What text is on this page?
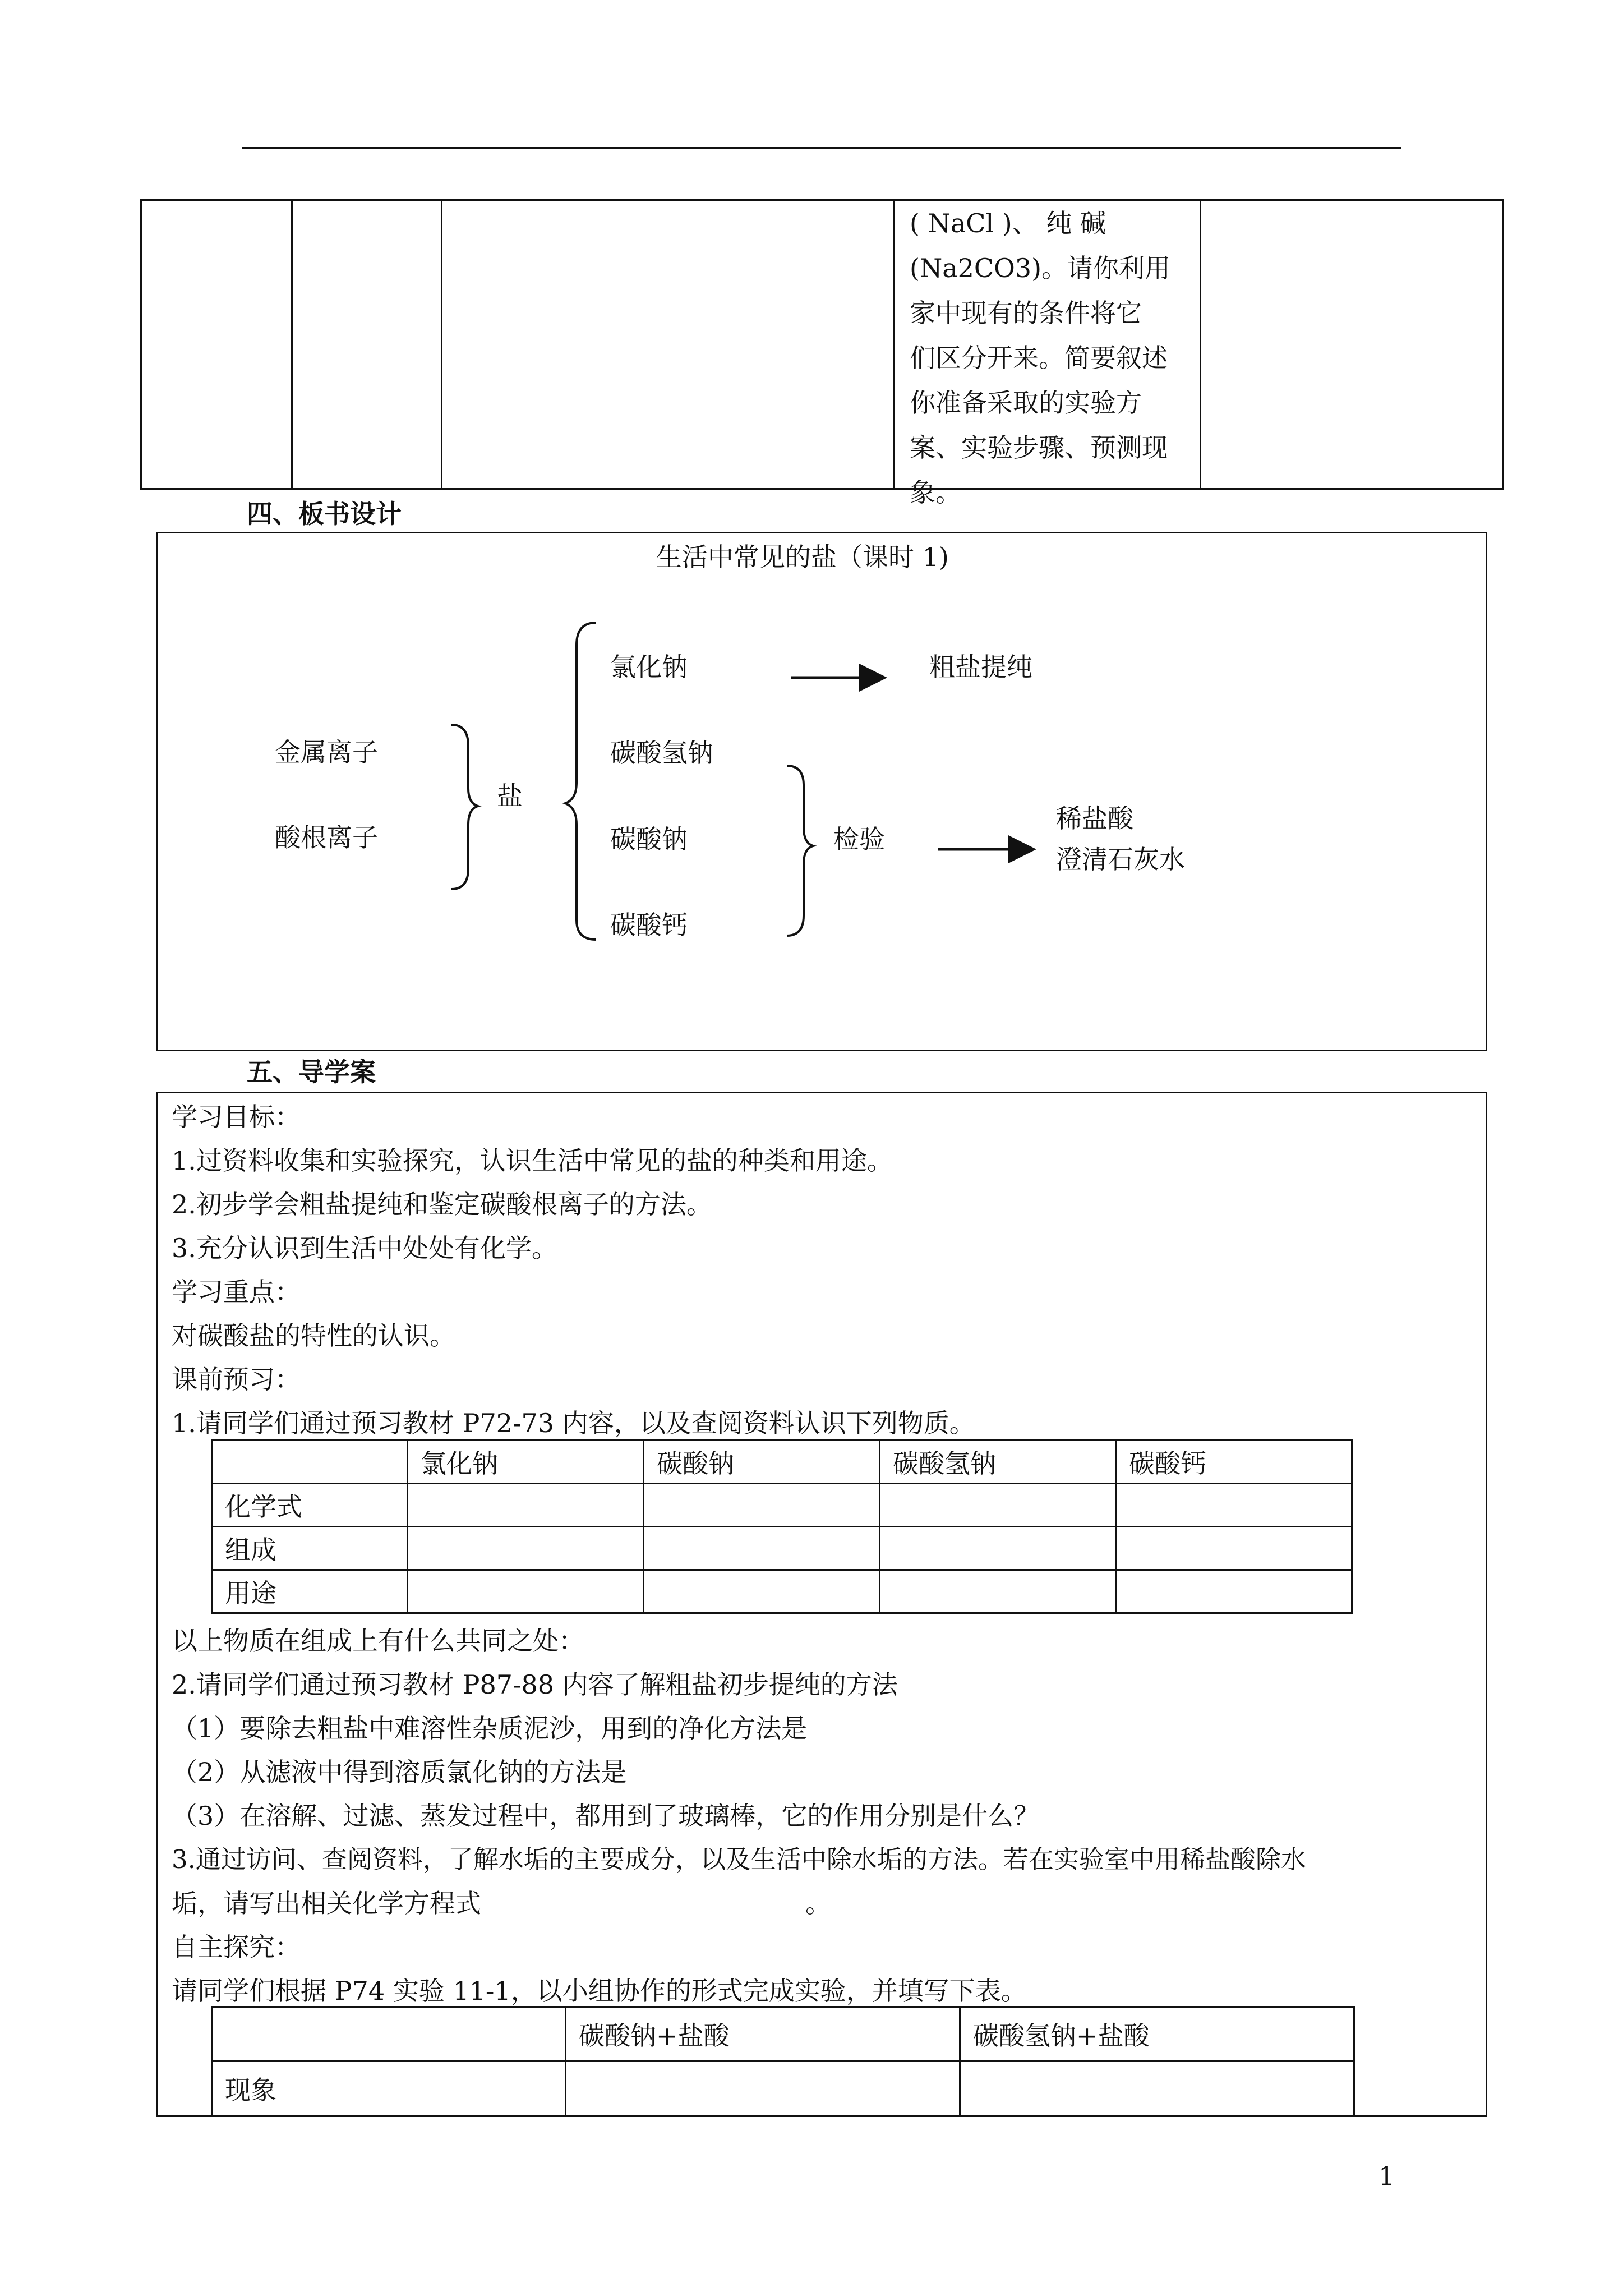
( NaCl )、 纯 碱
(Na2CO3)。请你利用
家中现有的条件将它
们区分开来。简要叙述
你准备采取的实验方
案、实验步骤、预测现
象。
四、板书设计
生活中常见的盐（课时 1)
金属离子
酸根离子
盐
氯化钠
碳酸氢钠
碳酸钠
碳酸钙
粗盐提纯
检验
稀盐酸
澄清石灰水
五、导学案
学习目标：
1.过资料收集和实验探究，认识生活中常见的盐的种类和用途。
2.初步学会粗盐提纯和鉴定碳酸根离子的方法。
3.充分认识到生活中处处有化学。
学习重点：
对碳酸盐的特性的认识。
课前预习：
1.请同学们通过预习教材 P72-73 内容，以及查阅资料认识下列物质。
	氯化钠	碳酸钠	碳酸氢钠	碳酸钙
化学式				
组成				
用途				
以上物质在组成上有什么共同之处：
2.请同学们通过预习教材 P87-88 内容了解粗盐初步提纯的方法
（1）要除去粗盐中难溶性杂质泥沙，用到的净化方法是
（2）从滤液中得到溶质氯化钠的方法是
（3）在溶解、过滤、蒸发过程中，都用到了玻璃棒，它的作用分别是什么？
3.通过访问、查阅资料，了解水垢的主要成分，以及生活中除水垢的方法。若在实验室中用稀盐酸除水
垢，请写出相关化学方程式	。
自主探究：
请同学们根据 P74 实验 11-1，以小组协作的形式完成实验，并填写下表。
	碳酸钠+盐酸	碳酸氢钠+盐酸
现象		
1
